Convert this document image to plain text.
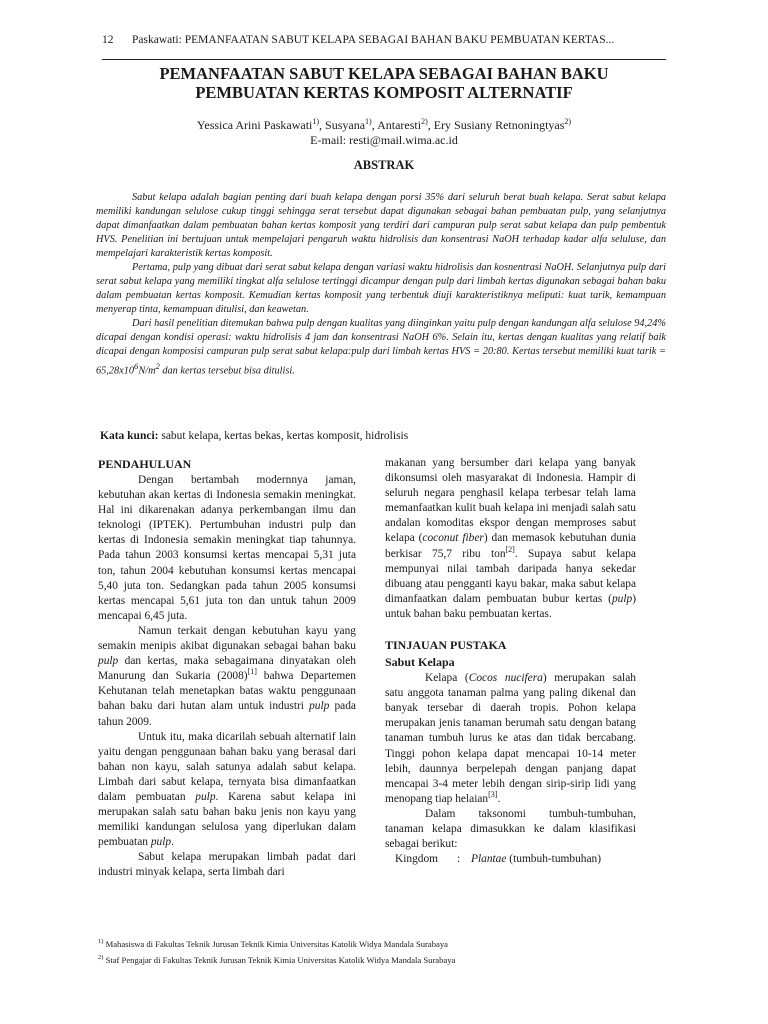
12 Paskawati: PEMANFAATAN SABUT KELAPA SEBAGAI BAHAN BAKU PEMBUATAN KERTAS...
PEMANFAATAN SABUT KELAPA SEBAGAI BAHAN BAKU
PEMBUATAN KERTAS KOMPOSIT ALTERNATIF
Yessica Arini Paskawati$^{1)}$, Susyana$^{1)}$, Antaresti$^{2)}$, Ery Susiany Retnoningtyas$^{2)}$
E-mail: resti@mail.wima.ac.id
ABSTRAK

Sabut kelapa adalah bagian penting dari buah kelapa dengan porsi 35% dari seluruh berat buah kelapa. Serat sabut kelapa memiliki kandungan selulose cukup tinggi sehingga serat tersebut dapat digunakan sebagai bahan pembuatan pulp, yang selanjutnya dapat dimanfaatkan dalam pembuatan bahan kertas komposit yang terdiri dari campuran pulp serat sabut kelapa dan pulp pembentuk HVS. Penelitian ini bertujuan untuk mempelajari pengaruh waktu hidrolisis dan konsentrasi NaOH terhadap kadar alfa seluluse, dan mempelajari karakteristik kertas komposit.

Pertama, pulp yang dibuat dari serat sabut kelapa dengan variasi waktu hidrolisis dan kosnentrasi NaOH. Selanjutnya pulp dari serat sabut kelapa yang memiliki tingkat alfa selulose tertinggi dicampur dengan pulp dari limbah kertas digunakan sebagai bahan baku dalam pembuatan kertas komposit. Kemudian kertas komposit yang terbentuk diuji karakteristiknya meliputi: kuat tarik, kemampuan menyerap tinta, kemampuan ditulisi, dan keawetan.

Dari hasil penelitian ditemukan bahwa pulp dengan kualitas yang diinginkan yaitu pulp dengan kandungan alfa selulose 94,24% dicapai dengan kondisi operasi: waktu hidrolisis 4 jam dan konsentrasi NaOH 6%. Selain itu, kertas dengan kualitas yang relatif baik dicapai dengan komposisi campuran pulp serat sabut kelapa:pulp dari limbah kertas HVS = 20:80. Kertas tersebut memiliki kuat tarik = $65,28x10^6N/m^2$ dan kertas tersebut bisa ditulisi.

Kata kunci: sabut kelapa, kertas bekas, kertas komposit, hidrolisis
PENDAHULUAN

Dengan bertambah modernnya jaman, kebutuhan akan kertas di Indonesia semakin meningkat. Hal ini dikarenakan adanya perkembangan ilmu dan teknologi (IPTEK). Pertumbuhan industri pulp dan kertas di Indonesia semakin meningkat tiap tahunnya. Pada tahun 2003 konsumsi kertas mencapai 5,31 juta ton, tahun 2004 kebutuhan konsumsi kertas mencapai 5,40 juta ton. Sedangkan pada tahun 2005 konsumsi kertas mencapai 5,61 juta ton dan untuk tahun 2009 mencapai 6,45 juta.

Namun terkait dengan kebutuhan kayu yang semakin menipis akibat digunakan sebagai bahan baku pulp dan kertas, maka sebagaimana dinyatakan oleh Manurung dan Sukaria (2008)[1] bahwa Departemen Kehutanan telah menetapkan batas waktu penggunaan bahan baku dari hutan alam untuk industri pulp pada tahun 2009.

Untuk itu, maka dicarilah sebuah alternatif lain yaitu dengan penggunaan bahan baku yang berasal dari bahan non kayu, salah satunya adalah sabut kelapa. Limbah dari sabut kelapa, ternyata bisa dimanfaatkan dalam pembuatan pulp. Karena sabut kelapa ini merupakan salah satu bahan baku jenis non kayu yang memiliki kandungan selulosa yang diperlukan dalam pembuatan pulp.

Sabut kelapa merupakan limbah padat dari industri minyak kelapa, serta limbah dari

makanan yang bersumber dari kelapa yang banyak dikonsumsi oleh masyarakat di Indonesia. Hampir di seluruh negara penghasil kelapa terbesar telah lama memanfaatkan kulit buah kelapa ini menjadi salah satu andalan komoditas ekspor dengan memproses sabut kelapa (coconut fiber) dan memasok kebutuhan dunia berkisar 75,7 ribu ton[2]. Supaya sabut kelapa mempunyai nilai tambah daripada hanya sekedar dibuang atau pengganti kayu bakar, maka sabut kelapa dimanfaatkan dalam pembuatan bubur kertas (pulp) untuk bahan baku pembuatan kertas.

TINJAUAN PUSTAKA
Sabut Kelapa

Kelapa (Cocos nucifera) merupakan salah satu anggota tanaman palma yang paling dikenal dan banyak tersebar di daerah tropis. Pohon kelapa merupakan jenis tanaman berumah satu dengan batang tanaman tumbuh lurus ke atas dan tidak bercabang. Tinggi pohon kelapa dapat mencapai 10-14 meter lebih, daunnya berpelepah dengan panjang dapat mencapai 3-4 meter lebih dengan sirip-sirip lidi yang menopang tiap helaian[3].

Dalam taksonomi tumbuh-tumbuhan, tanaman kelapa dimasukkan ke dalam klasifikasi sebagai berikut:

Kingdom : Plantae (tumbuh-tumbuhan)

$^{1)}$ Mahasiswa di Fakultas Teknik Jurusan Teknik Kimia Universitas Katolik Widya Mandala Surabaya
$^{2)}$ Staf Pengajar di Fakultas Teknik Jurusan Teknik Kimia Universitas Katolik Widya Mandala Surabaya
